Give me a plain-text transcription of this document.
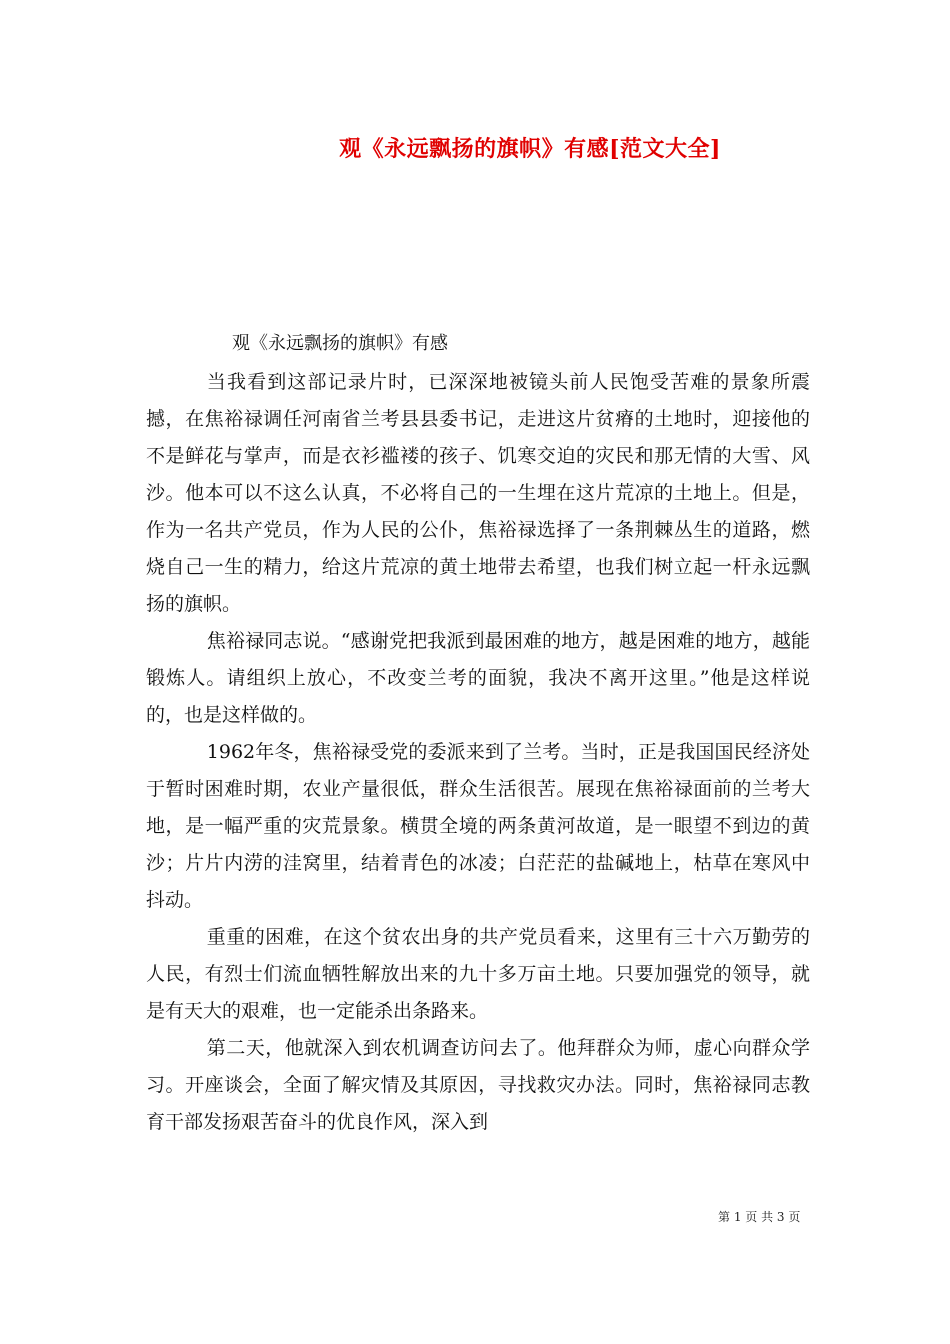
观《永远飘扬的旗帜》有感[范文大全]
观《永远飘扬的旗帜》有感

当我看到这部记录片时，已深深地被镜头前人民饱受苦难的景象所震撼，在焦裕禄调任河南省兰考县县委书记，走进这片贫瘠的土地时，迎接他的不是鲜花与掌声，而是衣衫褴褛的孩子、饥寒交迫的灾民和那无情的大雪、风沙。他本可以不这么认真，不必将自己的一生埋在这片荒凉的土地上。但是，作为一名共产党员，作为人民的公仆，焦裕禄选择了一条荆棘丛生的道路，燃烧自己一生的精力，给这片荒凉的黄土地带去希望，也我们树立起一杆永远飘扬的旗帜。

焦裕禄同志说。“感谢党把我派到最困难的地方，越是困难的地方，越能锻炼人。请组织上放心，不改变兰考的面貌，我决不离开这里。”他是这样说的，也是这样做的。

1962年冬，焦裕禄受党的委派来到了兰考。当时，正是我国国民经济处于暂时困难时期，农业产量很低，群众生活很苦。展现在焦裕禄面前的兰考大地，是一幅严重的灾荒景象。横贯全境的两条黄河故道，是一眼望不到边的黄沙；片片内涝的洼窝里，结着青色的冰凌；白茫茫的盐碱地上，枯草在寒风中抖动。

重重的困难，在这个贫农出身的共产党员看来，这里有三十六万勤劳的人民，有烈士们流血牺牲解放出来的九十多万亩土地。只要加强党的领导，就是有天大的艰难，也一定能杀出条路来。

第二天，他就深入到农机调查访问去了。他拜群众为师，虚心向群众学习。开座谈会，全面了解灾情及其原因，寻找救灾办法。同时，焦裕禄同志教育干部发扬艰苦奋斗的优良作风，深入到

第 1 页 共 3 页
